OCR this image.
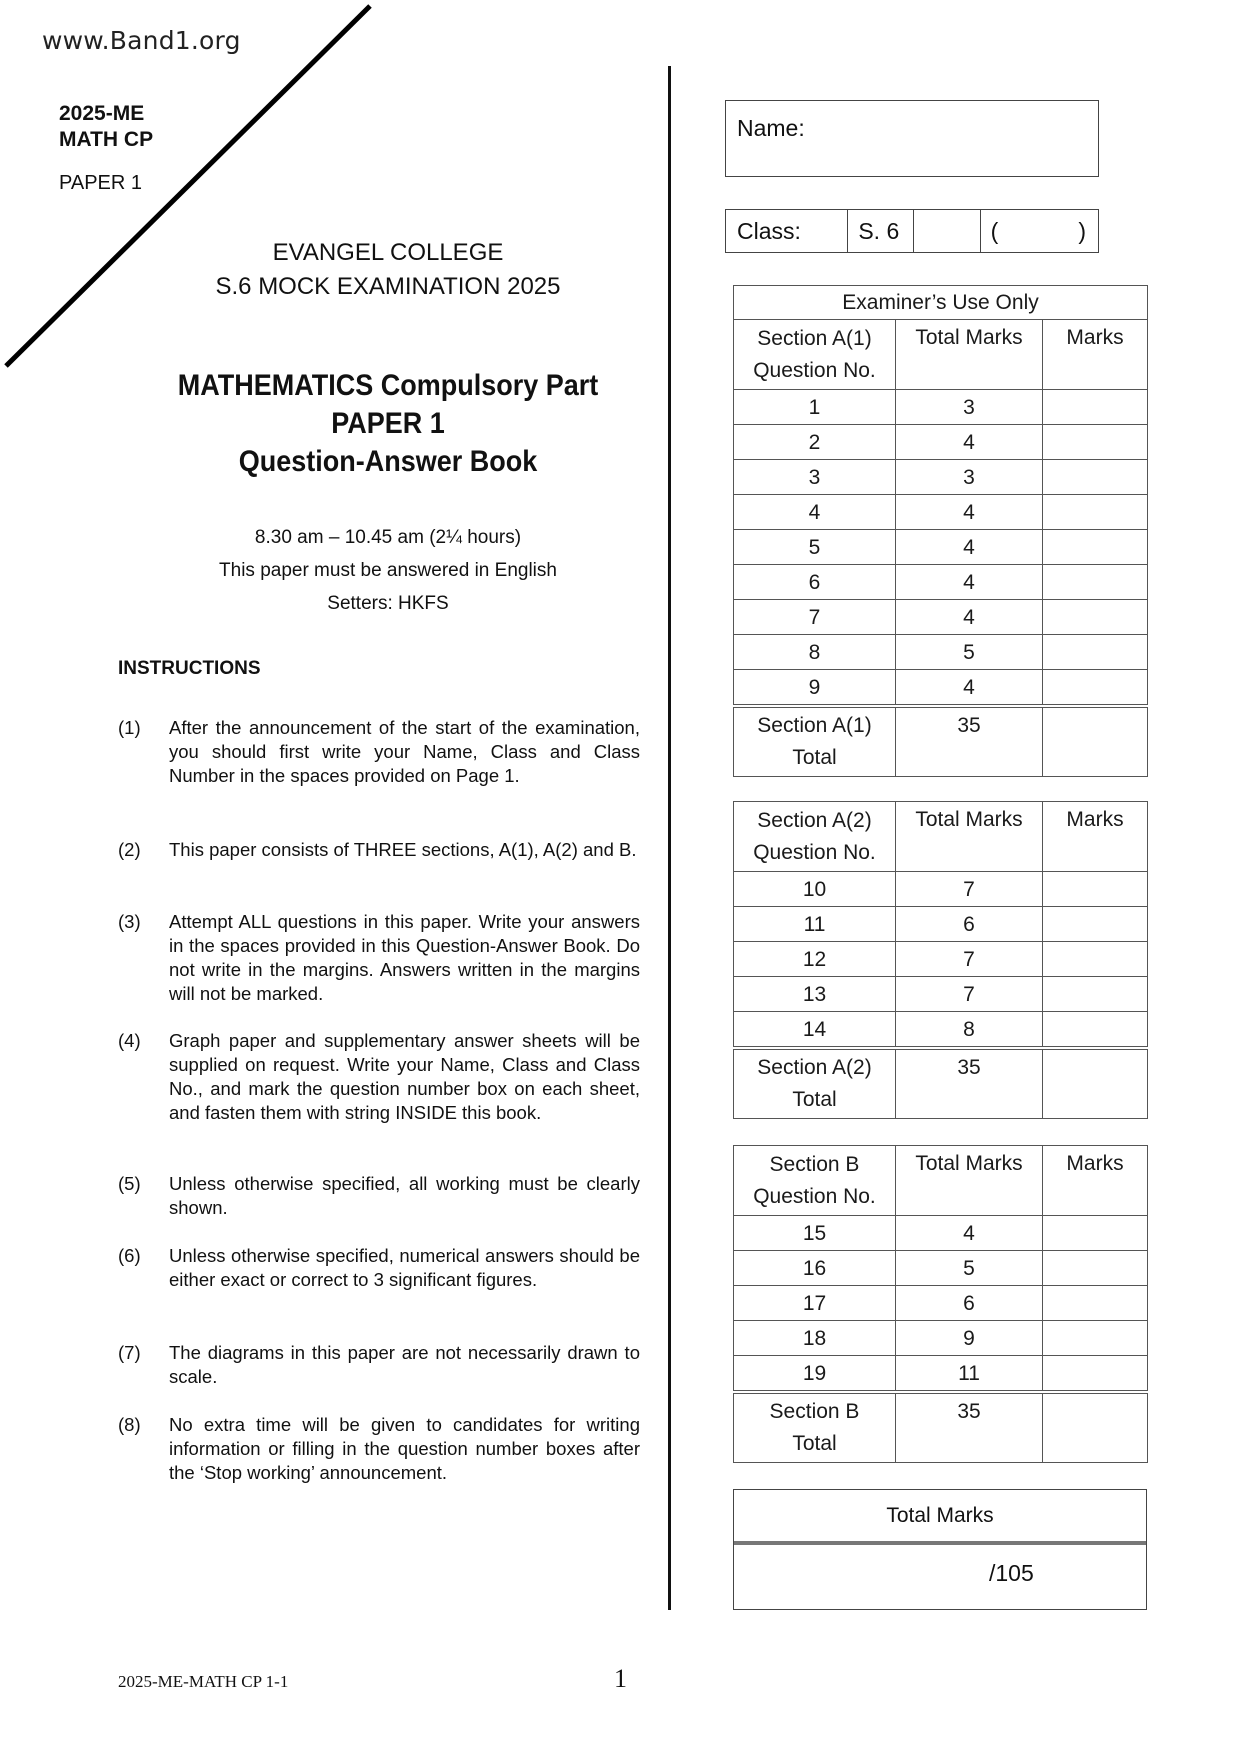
www.Band1.org
2025-ME
MATH CP
PAPER 1
EVANGEL COLLEGE
S.6 MOCK EXAMINATION 2025
MATHEMATICS Compulsory Part
PAPER 1
Question-Answer Book
8.30 am – 10.45 am (2¼ hours)
This paper must be answered in English
Setters: HKFS
INSTRUCTIONS
(1) After the announcement of the start of the examination, you should first write your Name, Class and Class Number in the spaces provided on Page 1.
(2) This paper consists of THREE sections, A(1), A(2) and B.
(3) Attempt ALL questions in this paper. Write your answers in the spaces provided in this Question-Answer Book. Do not write in the margins. Answers written in the margins will not be marked.
(4) Graph paper and supplementary answer sheets will be supplied on request. Write your Name, Class and Class No., and mark the question number box on each sheet, and fasten them with string INSIDE this book.
(5) Unless otherwise specified, all working must be clearly shown.
(6) Unless otherwise specified, numerical answers should be either exact or correct to 3 significant figures.
(7) The diagrams in this paper are not necessarily drawn to scale.
(8) No extra time will be given to candidates for writing information or filling in the question number boxes after the ‘Stop working’ announcement.
Name:
Class:	S. 6	(	)
Examiner’s Use Only		

Section A(1)
Question No.	Total Marks	Marks
1	3	
2	4	
3	3	
4	4	
5	4	
6	4	
7	4	
8	5	
9	4	

Section A(1)
Total	35	
Section A(2)
Question No.	Total Marks	Marks
10	7	
11	6	
12	7	
13	7	
14	8	

Section A(2)
Total	35	
Section B
Question No.	Total Marks	Marks
15	4	
16	5	
17	6	
18	9	
19	11	

Section B
Total	35	
Total Marks
/105
2025-ME-MATH CP 1-1	1
